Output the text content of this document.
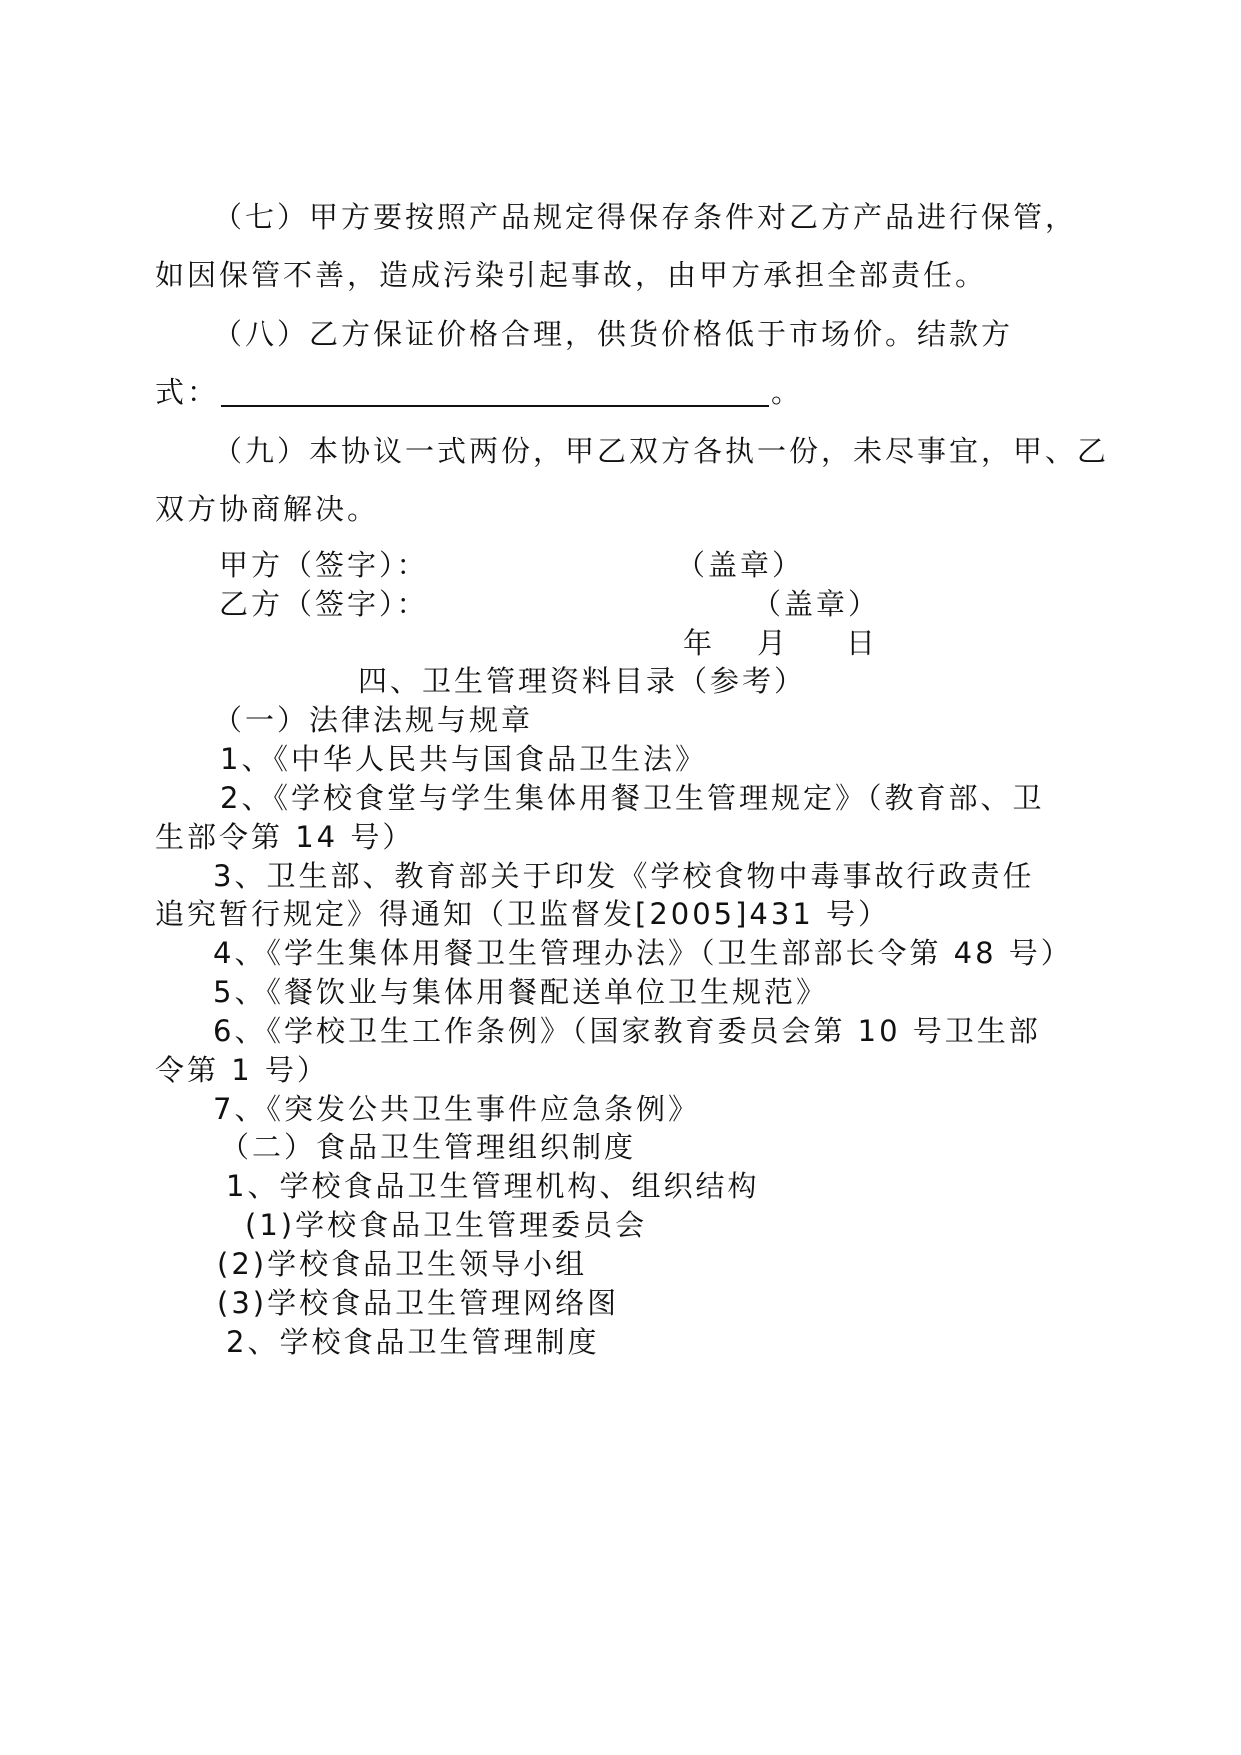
（七）甲方要按照产品规定得保存条件对乙方产品进行保管，
如因保管不善，造成污染引起事故，由甲方承担全部责任。
（八）乙方保证价格合理，供货价格低于市场价。结款方
式：	。
（九）本协议一式两份，甲乙双方各执一份，未尽事宜，甲、乙
双方协商解决。
甲方（签字）：	（盖章）
乙方（签字）：	（盖章）
年 月 日
四、卫生管理资料目录（参考）
（一）法律法规与规章
1、《中华人民共与国食品卫生法》
2、《学校食堂与学生集体用餐卫生管理规定》（教育部、卫
生部令第 14 号）
3、卫生部、教育部关于印发《学校食物中毒事故行政责任
追究暂行规定》得通知（卫监督发[2005]431 号）
4、《学生集体用餐卫生管理办法》（卫生部部长令第 48 号）
5、《餐饮业与集体用餐配送单位卫生规范》
6、《学校卫生工作条例》（国家教育委员会第 10 号卫生部
令第 1 号）
7、《突发公共卫生事件应急条例》
（二）食品卫生管理组织制度
1、学校食品卫生管理机构、组织结构
(1)学校食品卫生管理委员会
(2)学校食品卫生领导小组
(3)学校食品卫生管理网络图
2、学校食品卫生管理制度
